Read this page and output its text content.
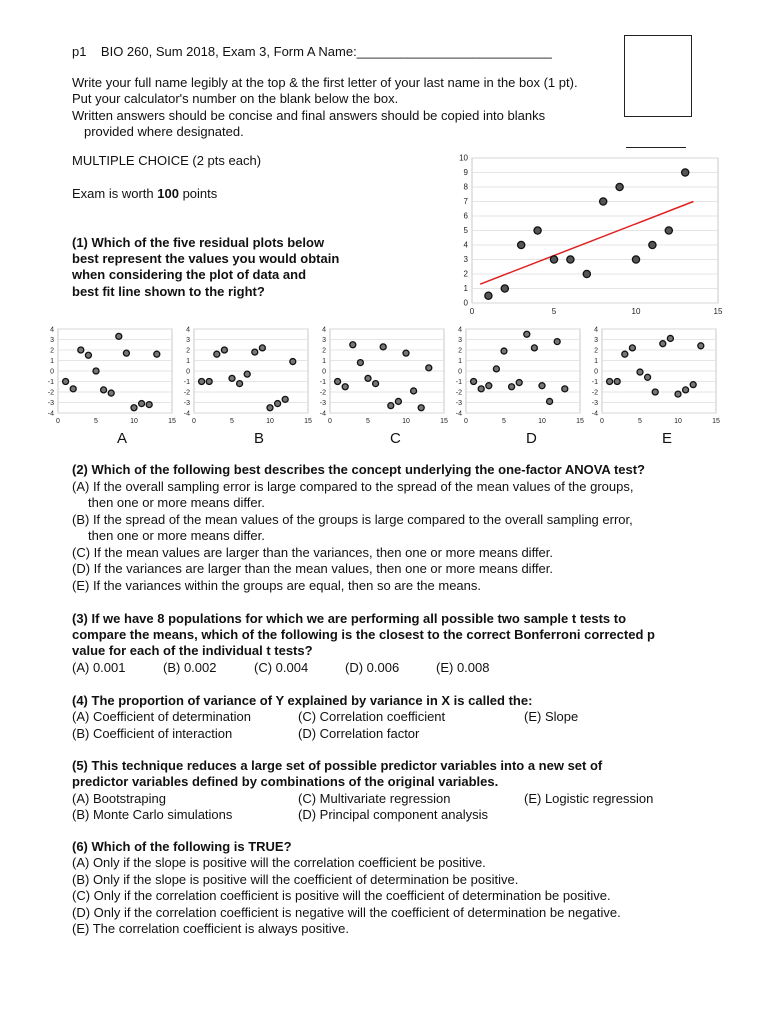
p1 BIO 260, Sum 2018, Exam 3, Form A Name:___________________________
Write your full name legibly at the top & the first letter of your last name in the box (1 pt).
Put your calculator's number on the blank below the box.
Written answers should be concise and final answers should be copied into blanks
provided where designated.
MULTIPLE CHOICE (2 pts each)
Exam is worth 100 points
(1) Which of the five residual plots below
best represent the values you would obtain
when considering the plot of data and
best fit line shown to the right?
0
1
2
3
4
5
6
7
8
9
10
0	5	10	15
-4
-3
-2
-1
0
1
2
3
4
0	5	10	15
-4
-3
-2
-1
0
1
2
3
4
0	5	10	15
-4
-3
-2
-1
0
1
2
3
4
0	5	10	15
-4
-3
-2
-1
0
1
2
3
4
0	5	10	15
-4
-3
-2
-1
0
1
2
3
4
0	5	10	15
A	B	C	D	E
(2) Which of the following best describes the concept underlying the one-factor ANOVA test?
(A) If the overall sampling error is large compared to the spread of the mean values of the groups,
then one or more means differ.
(B) If the spread of the mean values of the groups is large compared to the overall sampling error,
then one or more means differ.
(C) If the mean values are larger than the variances, then one or more means differ.
(D) If the variances are larger than the mean values, then one or more means differ.
(E) If the variances within the groups are equal, then so are the means.
(3) If we have 8 populations for which we are performing all possible two sample t tests to
compare the means, which of the following is the closest to the correct Bonferroni corrected p
value for each of the individual t tests?
(A) 0.001	(B) 0.002	(C) 0.004	(D) 0.006	(E) 0.008
(4) The proportion of variance of Y explained by variance in X is called the:
(A) Coefficient of determination
(B) Coefficient of interaction
(C) Correlation coefficient
(D) Correlation factor
(E) Slope
(5) This technique reduces a large set of possible predictor variables into a new set of
predictor variables defined by combinations of the original variables.
(A) Bootstraping
(B) Monte Carlo simulations
(C) Multivariate regression
(D) Principal component analysis
(E) Logistic regression
(6) Which of the following is TRUE?
(A) Only if the slope is positive will the correlation coefficient be positive.
(B) Only if the slope is positive will the coefficient of determination be positive.
(C) Only if the correlation coefficient is positive will the coefficient of determination be positive.
(D) Only if the correlation coefficient is negative will the coefficient of determination be negative.
(E) The correlation coefficient is always positive.
